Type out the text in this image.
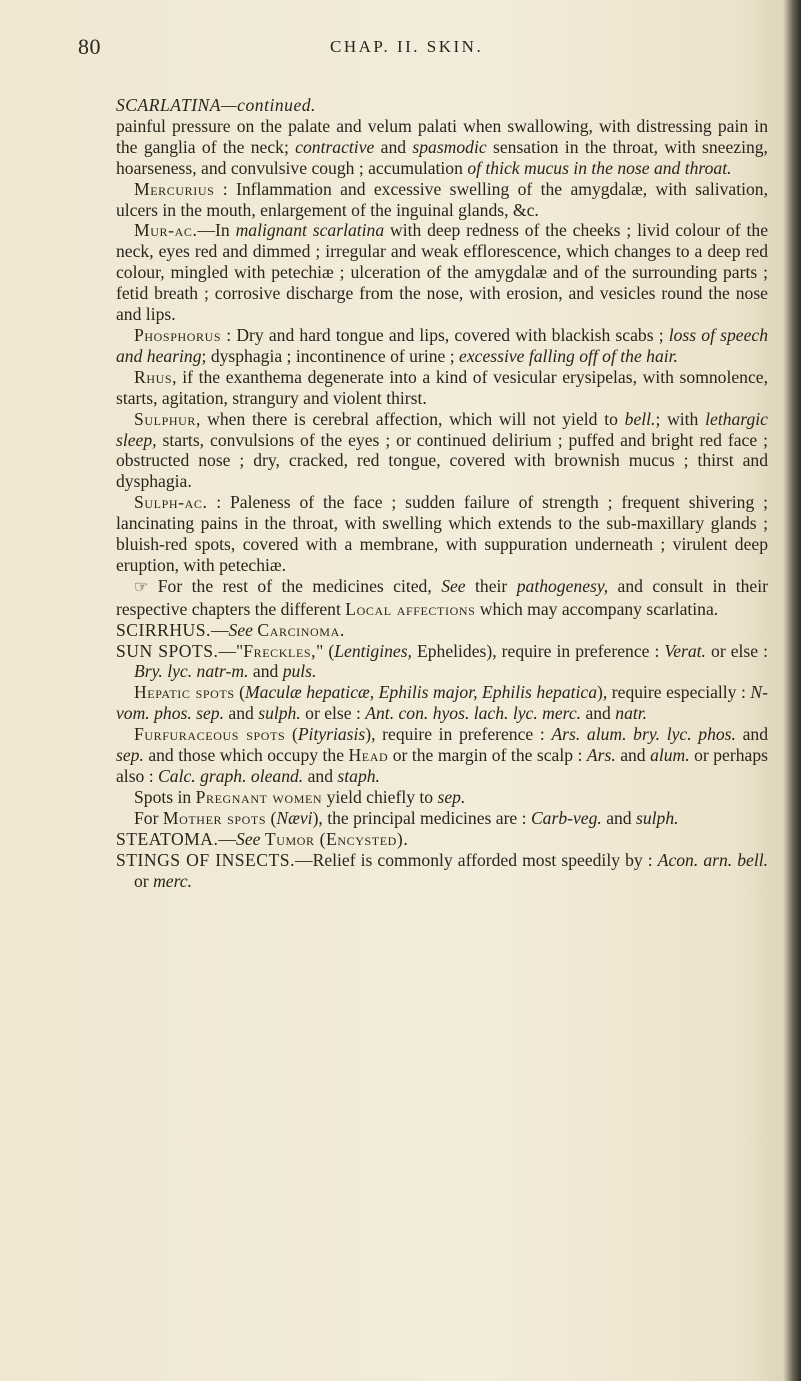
80	CHAP. II. SKIN.

SCARLATINA—continued.

painful pressure on the palate and velum palati when swallowing, with distressing pain in the ganglia of the neck; contractive and spasmodic sensation in the throat, with sneezing, hoarseness, and convulsive cough ; accumulation of thick mucus in the nose and throat.

Mercurius : Inflammation and excessive swelling of the amygdalæ, with salivation, ulcers in the mouth, enlargement of the inguinal glands, &c.

Mur-ac.—In malignant scarlatina with deep redness of the cheeks ; livid colour of the neck, eyes red and dimmed ; irregular and weak efflorescence, which changes to a deep red colour, mingled with petechiæ ; ulceration of the amygdalæ and of the surrounding parts ; fetid breath ; corrosive discharge from the nose, with erosion, and vesicles round the nose and lips.

Phosphorus : Dry and hard tongue and lips, covered with blackish scabs ; loss of speech and hearing; dysphagia ; incontinence of urine ; excessive falling off of the hair.

Rhus, if the exanthema degenerate into a kind of vesicular erysipelas, with somnolence, starts, agitation, strangury and violent thirst.

Sulphur, when there is cerebral affection, which will not yield to bell.; with lethargic sleep, starts, convulsions of the eyes ; or continued delirium ; puffed and bright red face ; obstructed nose ; dry, cracked, red tongue, covered with brownish mucus ; thirst and dysphagia.

Sulph-ac. : Paleness of the face ; sudden failure of strength ; frequent shivering ; lancinating pains in the throat, with swelling which extends to the sub-maxillary glands ; bluish-red spots, covered with a membrane, with suppuration underneath ; virulent deep eruption, with petechiæ.

☞ For the rest of the medicines cited, See their pathogenesy, and consult in their respective chapters the different Local affections which may accompany scarlatina.

SCIRRHUS.—See Carcinoma.

SUN SPOTS.—"Freckles," (Lentigines, Ephelides), require in preference : Verat. or else : Bry. lyc. natr-m. and puls.

Hepatic spots (Maculæ hepaticæ, Ephilis major, Ephilis hepatica), require especially : N-vom. phos. sep. and sulph. or else : Ant. con. hyos. lach. lyc. merc. and natr.

Furfuraceous spots (Pityriasis), require in preference : Ars. alum. bry. lyc. phos. and sep. and those which occupy the Head or the margin of the scalp : Ars. and alum. or perhaps also : Calc. graph. oleand. and staph.

Spots in Pregnant women yield chiefly to sep.

For Mother spots (Nævi), the principal medicines are : Carb-veg. and sulph.

STEATOMA.—See Tumor (Encysted).

STINGS OF INSECTS.—Relief is commonly afforded most speedily by : Acon. arn. bell. or merc.
